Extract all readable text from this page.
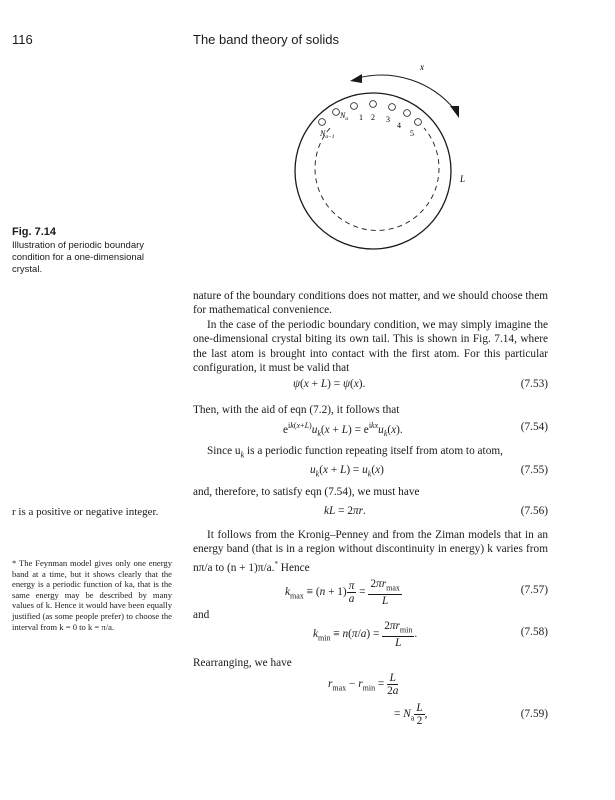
116	The band theory of solids
x
L
$N_a$
$N_{a-1}$
1 2 3
4
5
Fig. 7.14
Illustration of periodic boundary condition for a one-dimensional crystal.
nature of the boundary conditions does not matter, and we should choose them for mathematical convenience.
In the case of the periodic boundary condition, we may simply imagine the one-dimensional crystal biting its own tail. This is shown in Fig. 7.14, where the last atom is brought into contact with the first atom. For this particular configuration, it must be valid that
ψ(x + L) = ψ(x).	(7.53)
Then, with the aid of eqn (7.2), it follows that
$e^{ik(x+L)}u_k(x + L) = e^{ikx}u_k(x)$.	(7.54)
Since $u_k$ is a periodic function repeating itself from atom to atom,
$u_k(x + L) = u_k(x)$	(7.55)
and, therefore, to satisfy eqn (7.54), we must have
kL = 2πr.	(7.56)
r is a positive or negative integer.
It follows from the Kronig–Penney and from the Ziman models that in an energy band (that is in a region without discontinuity in energy) k varies from nπ/a to (n + 1)π/a.* Hence
* The Feynman model gives only one energy band at a time, but it shows clearly that the energy is a periodic function of ka, that is the same energy may be described by many values of k. Hence it would have been equally justified (as some people prefer) to choose the interval from k = 0 to k = π/a.
$k_{max} \equiv (n + 1) \frac{\pi}{a} = \frac{2\pi r_{max}}{L}$	(7.57)
and
$k_{min} \equiv n(\pi/a) = \frac{2\pi r_{min}}{L}$ .	(7.58)
Rearranging, we have
$r_{max} - r_{min} = \frac{L}{2a}$
= $N_a \frac{L}{2}$ ,	(7.59)
